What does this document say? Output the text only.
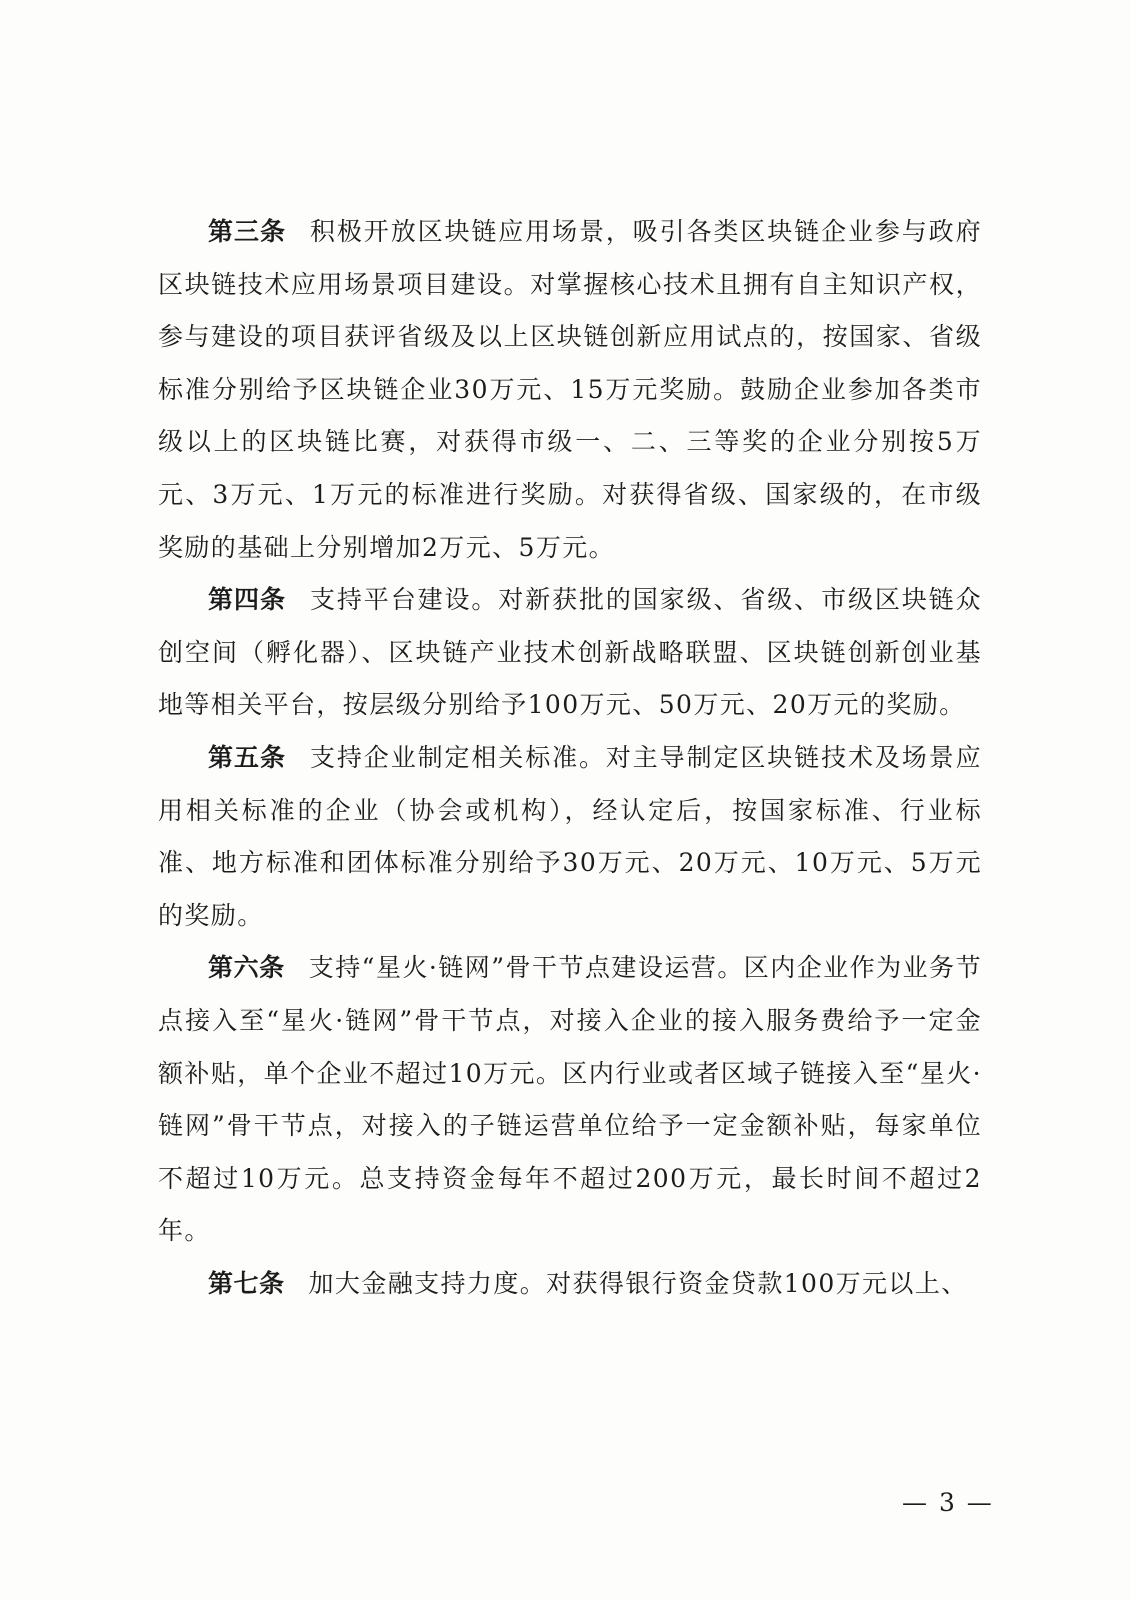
第三条 积极开放区块链应用场景，吸引各类区块链企业参与政府区块链技术应用场景项目建设。对掌握核心技术且拥有自主知识产权，参与建设的项目获评省级及以上区块链创新应用试点的，按国家、省级标准分别给予区块链企业30万元、15万元奖励。鼓励企业参加各类市级以上的区块链比赛，对获得市级一、二、三等奖的企业分别按5万元、3万元、1万元的标准进行奖励。对获得省级、国家级的，在市级奖励的基础上分别增加2万元、5万元。

第四条 支持平台建设。对新获批的国家级、省级、市级区块链众创空间（孵化器）、区块链产业技术创新战略联盟、区块链创新创业基地等相关平台，按层级分别给予100万元、50万元、20万元的奖励。

第五条 支持企业制定相关标准。对主导制定区块链技术及场景应用相关标准的企业（协会或机构），经认定后，按国家标准、行业标准、地方标准和团体标准分别给予30万元、20万元、10万元、5万元的奖励。

第六条 支持“星火·链网”骨干节点建设运营。区内企业作为业务节点接入至“星火·链网”骨干节点，对接入企业的接入服务费给予一定金额补贴，单个企业不超过10万元。区内行业或者区域子链接入至“星火·链网”骨干节点，对接入的子链运营单位给予一定金额补贴，每家单位不超过10万元。总支持资金每年不超过200万元，最长时间不超过2年。

第七条 加大金融支持力度。对获得银行资金贷款100万元以上、

— 3 —
